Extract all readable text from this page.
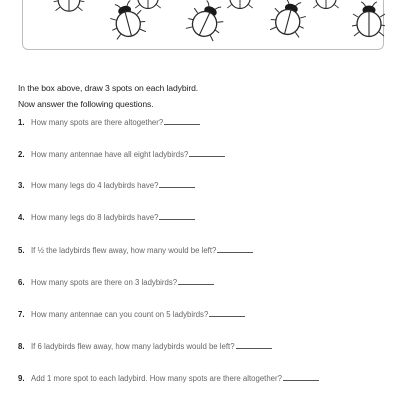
In the box above, draw 3 spots on each ladybird.

Now answer the following questions.

1. How many spots are there altogether?
2. How many antennae have all eight ladybirds?
3. How many legs do 4 ladybirds have?
4. How many legs do 8 ladybirds have?
5. If ½ the ladybirds flew away, how many would be left?
6. How many spots are there on 3 ladybirds?
7. How many antennae can you count on 5 ladybirds?
8. If 6 ladybirds flew away, how many ladybirds would be left?
9. Add 1 more spot to each ladybird. How many spots are there altogether?
